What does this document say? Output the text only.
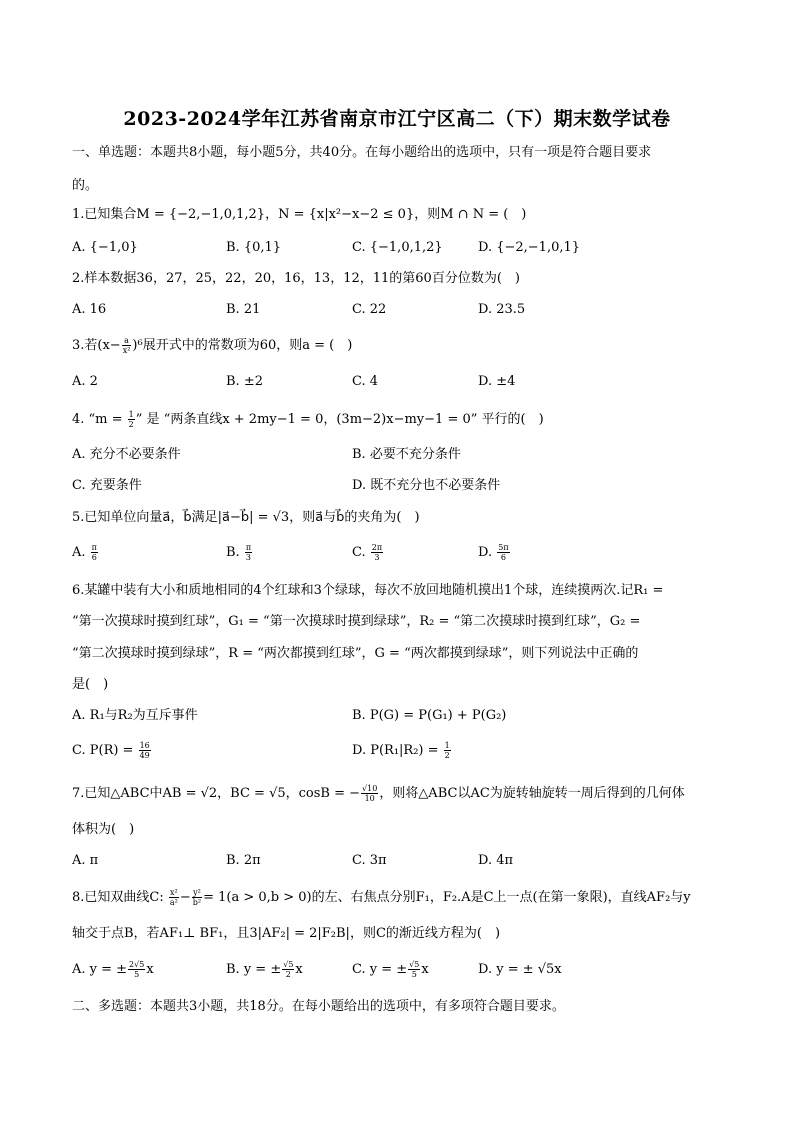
2023-2024学年江苏省南京市江宁区高二（下）期末数学试卷
一、单选题：本题共8小题，每小题5分，共40分。在每小题给出的选项中，只有一项是符合题目要求
的。
1.已知集合M = {−2,−1,0,1,2}，N = {x|x²−x−2 ≤ 0}，则M ∩ N = (　)
A. {−1,0}	B. {0,1}	C. {−1,0,1,2}	D. {−2,−1,0,1}
2.样本数据36，27，25，22，20，16，13，12，11的第60百分位数为(　)
A. 16	B. 21	C. 22	D. 23.5
3.若$(x- \frac{a}{\text{x²}} )^6$展开式中的常数项为60，则a = (　)
A. 2	B. ±2	C. 4	D. ±4
4. “$m = \frac{1}{2}$ ” 是 “两条直线x + 2my−1 = 0，(3m−2)x−my−1 = 0” 平行的(　)
A. 充分不必要条件	B. 必要不充分条件
C. 充要条件	D. 既不充分也不必要条件
5.已知单位向量a⃗，b⃗满足|a⃗−b⃗| = √3，则a⃗与b⃗的夹角为(　)
A. $\frac{\pi}{6}$	B. $\frac{\pi}{3}$	C. $\frac{2\pi}{3}$	D. $\frac{5\pi}{6}$
6.某罐中装有大小和质地相同的4个红球和3个绿球，每次不放回地随机摸出1个球，连续摸两次.记R₁ =
“第一次摸球时摸到红球”，G₁ = “第一次摸球时摸到绿球”，R₂ = “第二次摸球时摸到红球”，G₂ =
“第二次摸球时摸到绿球”，R = “两次都摸到红球”，G = “两次都摸到绿球”，则下列说法中正确的
是(　)
A. R₁与R₂为互斥事件	B. P(G) = P(G₁) + P(G₂)
C. $P(R) = \frac{16}{49}$	D. $P(R_1|R_2) = \frac{1}{2}$
7.已知△ABC中AB = √2，BC = √5，cosB = − $\frac{√10}{10}$ ，则将△ABC以AC为旋转轴旋转一周后得到的几何体
体积为(　)
A. π	B. 2π	C. 3π	D. 4π
8.已知双曲线C: $\frac{\text{x²}}{\text{a²}} - \frac{\text{y²}}{\text{b²}} = 1(a > 0,b > 0)$的左、右焦点分别F₁，F₂.A是C上一点(在第一象限)，直线AF₂与y
轴交于点B，若AF₁⊥ BF₁，且3|AF₂| = 2|F₂B|，则C的渐近线方程为(　)
A. y = ± $\frac{2√5}{5}$ x	B. y = ± $\frac{√5}{2}$ x	C. y = ± $\frac{√5}{5}$ x	D. y = ± √5x
二、多选题：本题共3小题，共18分。在每小题给出的选项中，有多项符合题目要求。
